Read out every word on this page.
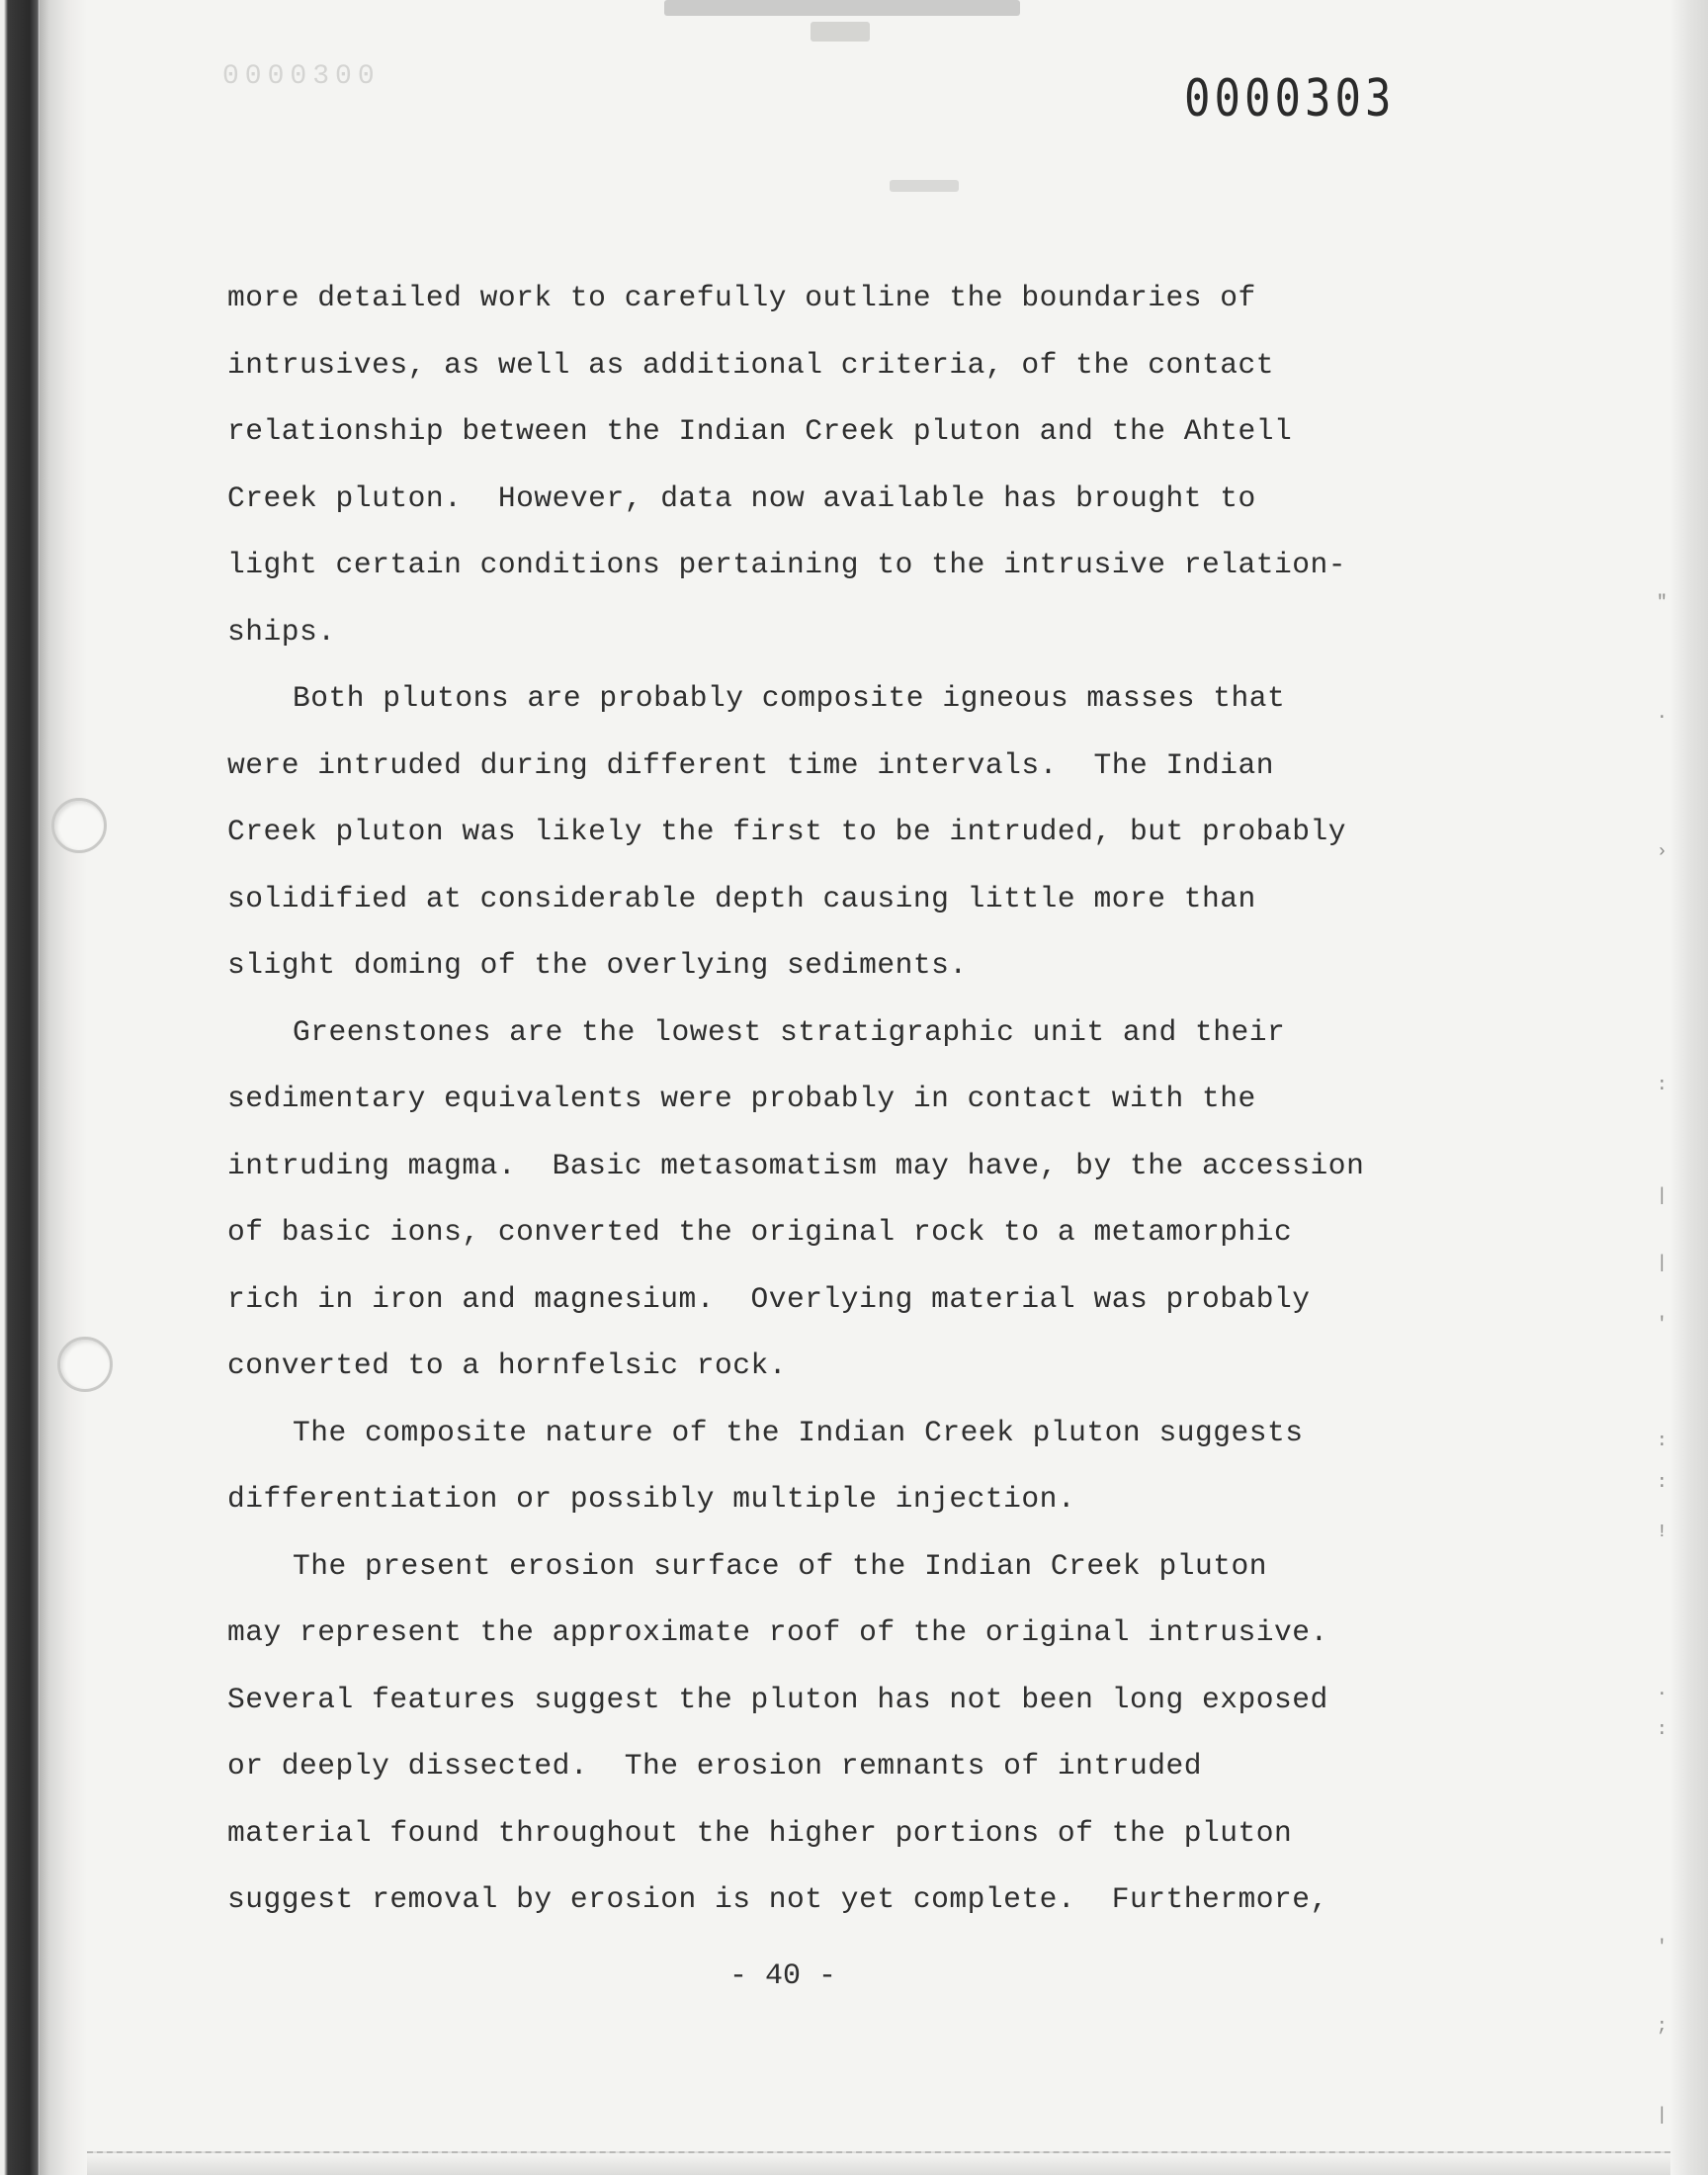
0000300	0000303
more detailed work to carefully outline the boundaries of
intrusives, as well as additional criteria, of the contact
relationship between the Indian Creek pluton and the Ahtell
Creek pluton.  However, data now available has brought to
light certain conditions pertaining to the intrusive relation-
ships.
Both plutons are probably composite igneous masses that
were intruded during different time intervals.  The Indian
Creek pluton was likely the first to be intruded, but probably
solidified at considerable depth causing little more than
slight doming of the overlying sediments.
Greenstones are the lowest stratigraphic unit and their
sedimentary equivalents were probably in contact with the
intruding magma.  Basic metasomatism may have, by the accession
of basic ions, converted the original rock to a metamorphic
rich in iron and magnesium.  Overlying material was probably
converted to a hornfelsic rock.
The composite nature of the Indian Creek pluton suggests
differentiation or possibly multiple injection.
The present erosion surface of the Indian Creek pluton
may represent the approximate roof of the original intrusive.
Several features suggest the pluton has not been long exposed
or deeply dissected.  The erosion remnants of intruded
material found throughout the higher portions of the pluton
suggest removal by erosion is not yet complete.  Furthermore,
- 40 -
"
.
›
:
|
|
'
:
:
!
.
:
'
;
|
